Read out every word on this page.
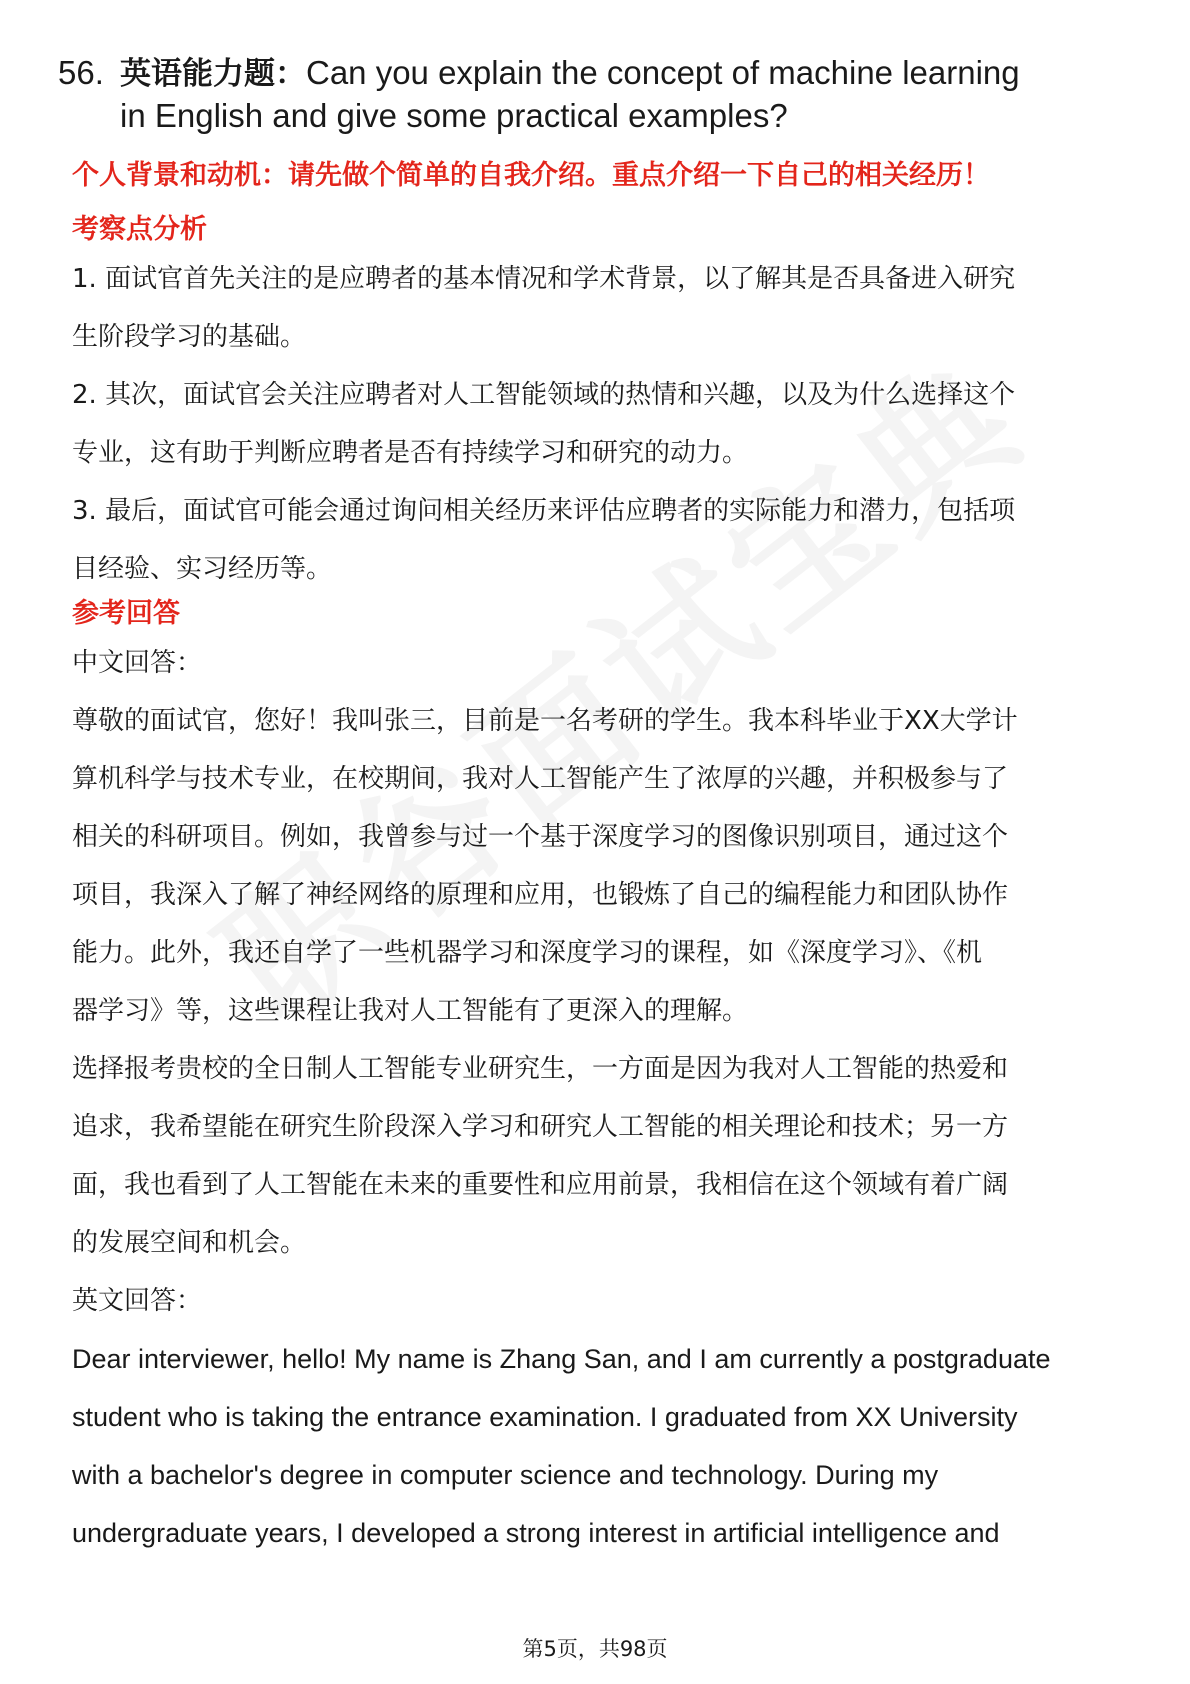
56. 英语能力题：Can you explain the concept of machine learning
in English and give some practical examples?
个人背景和动机：请先做个简单的自我介绍。重点介绍一下自己的相关经历！
考察点分析
1. 面试官首先关注的是应聘者的基本情况和学术背景，以了解其是否具备进入研究
生阶段学习的基础。
2. 其次，面试官会关注应聘者对人工智能领域的热情和兴趣，以及为什么选择这个
专业，这有助于判断应聘者是否有持续学习和研究的动力。
3. 最后，面试官可能会通过询问相关经历来评估应聘者的实际能力和潜力，包括项
目经验、实习经历等。
参考回答
中文回答：
尊敬的面试官，您好！我叫张三，目前是一名考研的学生。我本科毕业于XX大学计
算机科学与技术专业，在校期间，我对人工智能产生了浓厚的兴趣，并积极参与了
相关的科研项目。例如，我曾参与过一个基于深度学习的图像识别项目，通过这个
项目，我深入了解了神经网络的原理和应用，也锻炼了自己的编程能力和团队协作
能力。此外，我还自学了一些机器学习和深度学习的课程，如《深度学习》、《机
器学习》等，这些课程让我对人工智能有了更深入的理解。
选择报考贵校的全日制人工智能专业研究生，一方面是因为我对人工智能的热爱和
追求，我希望能在研究生阶段深入学习和研究人工智能的相关理论和技术；另一方
面，我也看到了人工智能在未来的重要性和应用前景，我相信在这个领域有着广阔
的发展空间和机会。
英文回答：
Dear interviewer, hello! My name is Zhang San, and I am currently a postgraduate
student who is taking the entrance examination. I graduated from XX University
with a bachelor's degree in computer science and technology. During my
undergraduate years, I developed a strong interest in artificial intelligence and
第5页，共98页
